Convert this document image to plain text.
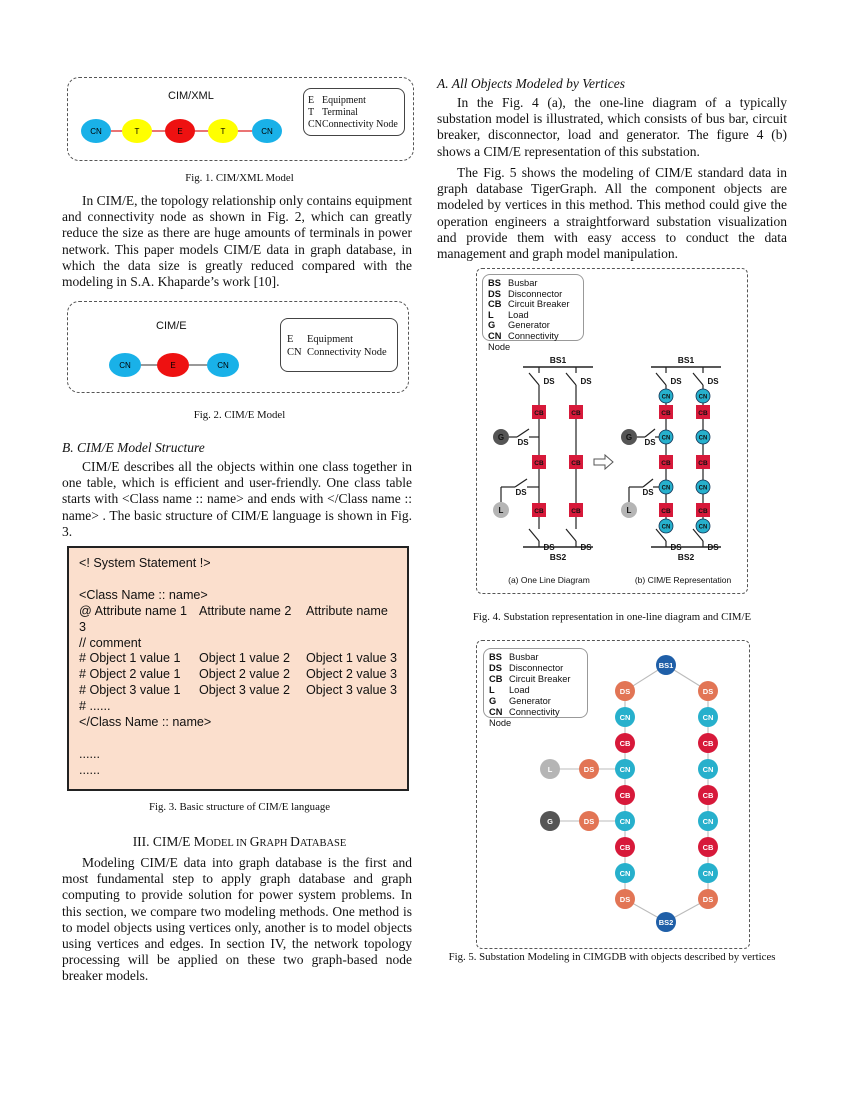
CIM/XML
CN	T	E	T	CN
E Equipment
T Terminal
CNConnectivity Node
Fig. 1. CIM/XML Model

In CIM/E, the topology relationship only contains equipment and connectivity node as shown in Fig. 2, which can greatly reduce the size as there are huge amounts of terminals in power network. This paper models CIM/E data in graph database, in which the data size is greatly reduced compared with the modeling in S.A. Khaparde’s work [10].

CIM/E
CN	E	CN
E Equipment
CN Connectivity Node
Fig. 2. CIM/E Model
B. CIM/E Model Structure

CIM/E describes all the objects within one class together in one table, which is efficient and user-friendly. One class table starts with <Class name :: name> and ends with </Class name :: name> . The basic structure of CIM/E language is shown in Fig. 3.

<! System Statement !>
<Class Name :: name>
@ Attribute name 1 Attribute name 2 Attribute name
3
// comment
# Object 1 value 1 Object 1 value 2 Object 1 value 3
# Object 2 value 1 Object 2 value 2 Object 2 value 3
# Object 3 value 1 Object 3 value 2 Object 3 value 3
# ......
</Class Name :: name>
......
......
Fig. 3. Basic structure of CIM/E language
III. CIM/E MODEL IN GRAPH DATABASE

Modeling CIM/E data into graph database is the first and most fundamental step to apply graph database and graph computing to provide solution for power system problems. In this section, we compare two modeling methods. One method is to model objects using vertices only, another is to model objects using vertices and edges. In section IV, the network topology processing will be applied on these two graph-based node breaker models.

A. All Objects Modeled by Vertices

In the Fig. 4 (a), the one-line diagram of a typically substation model is illustrated, which consists of bus bar, circuit breaker, disconnector, load and generator. The figure 4 (b) shows a CIM/E representation of this substation.

The Fig. 5 shows the modeling of CIM/E standard data in graph database TigerGraph. All the component objects are modeled by vertices in this method. This method could give the operation engineers a straightforward substation visualization and provide them with easy access to conduct the data management and graph model manipulation.

BS Busbar
DS Disconnector
CB Circuit Breaker
L Load
G Generator
CN Connectivity Node
BS1
BS2
DS
CB
CB
CB
DS
DS
CB
CB
CB
DS
G
DS
L
DS
(a) One Line Diagram
BS1
BS2
DS
CN
CB
CN
CB
CN
CB
CN
DS
DS
CN
CB
CN
CB
CN
CB
CN
DS
G
DS
L
DS
(b) CIM/E Representation
Fig. 4. Substation representation in one-line diagram and CIM/E
BS Busbar
DS Disconnector
CB Circuit Breaker
L Load
G Generator
CN Connectivity Node
DS
CN
CB
CN
CB
CN
CB
CN
DS
DS
CN
CB
CN
CB
CN
CB
CN
DS
BS1
BS2
L	DS
G	DS
Fig. 5. Substation Modeling in CIMGDB with objects described by vertices
